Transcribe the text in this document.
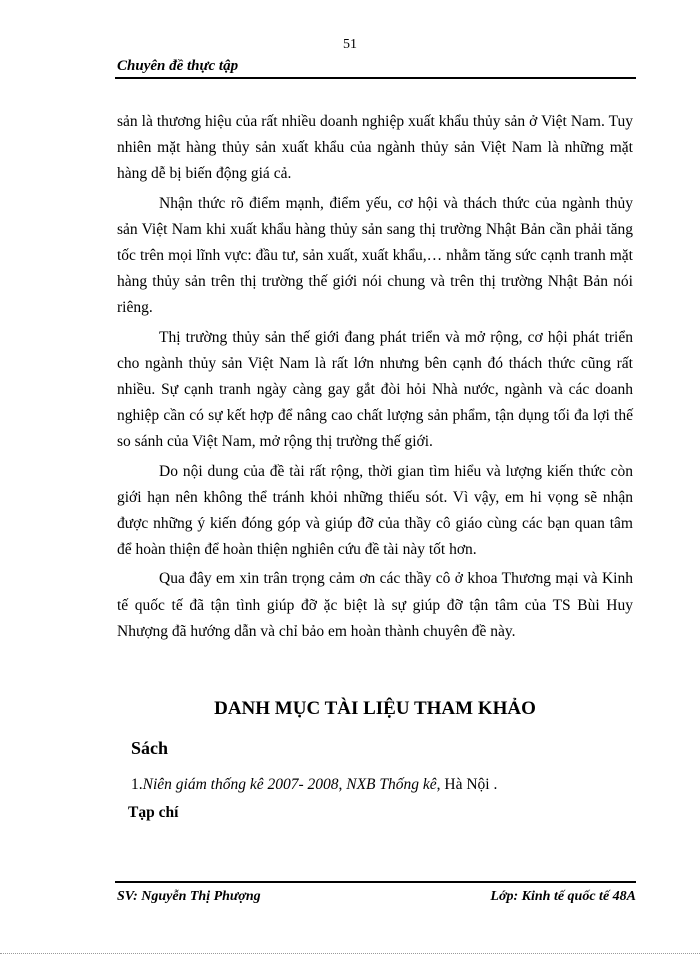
51
Chuyên đề thực tập

sản là thương hiệu của rất nhiều doanh nghiệp xuất khẩu thủy sản ở Việt Nam. Tuy nhiên mặt hàng thủy sản xuất khẩu của ngành thủy sản Việt Nam là những mặt hàng dễ bị biến động giá cả.

Nhận thức rõ điểm mạnh, điểm yếu, cơ hội và thách thức của ngành thủy sản Việt Nam khi xuất khẩu hàng thủy sản sang thị trường Nhật Bản cần phải tăng tốc trên mọi lĩnh vực: đầu tư, sản xuất, xuất khẩu,… nhằm tăng sức cạnh tranh mặt hàng thủy sản trên thị trường thế giới nói chung và trên thị trường Nhật Bản nói riêng.

Thị trường thủy sản thế giới đang phát triển và mở rộng, cơ hội phát triển cho ngành thủy sản Việt Nam là rất lớn nhưng bên cạnh đó thách thức cũng rất nhiều. Sự cạnh tranh ngày càng gay gắt đòi hỏi Nhà nước, ngành và các doanh nghiệp cần có sự kết hợp để nâng cao chất lượng sản phẩm, tận dụng tối đa lợi thế so sánh của Việt Nam, mở rộng thị trường thế giới.

Do nội dung của đề tài rất rộng, thời gian tìm hiểu và lượng kiến thức còn giới hạn nên không thể tránh khỏi những thiếu sót. Vì vậy, em hi vọng sẽ nhận được những ý kiến đóng góp và giúp đỡ của thầy cô giáo cùng các bạn quan tâm để hoàn thiện để hoàn thiện nghiên cứu đề tài này tốt hơn.

Qua đây em xin trân trọng cảm ơn các thầy cô ở khoa Thương mại và Kinh tế quốc tế đã tận tình giúp đỡ ặc biệt là sự giúp đỡ tận tâm của TS Bùi Huy Nhượng đã hướng dẫn và chỉ bảo em hoàn thành chuyên đề này.

DANH MỤC TÀI LIỆU THAM KHẢO
Sách
1.Niên giám thống kê 2007- 2008, NXB Thống kê, Hà Nội .
Tạp chí
SV: Nguyễn Thị Phượng	Lớp: Kinh tế quốc tế 48A
